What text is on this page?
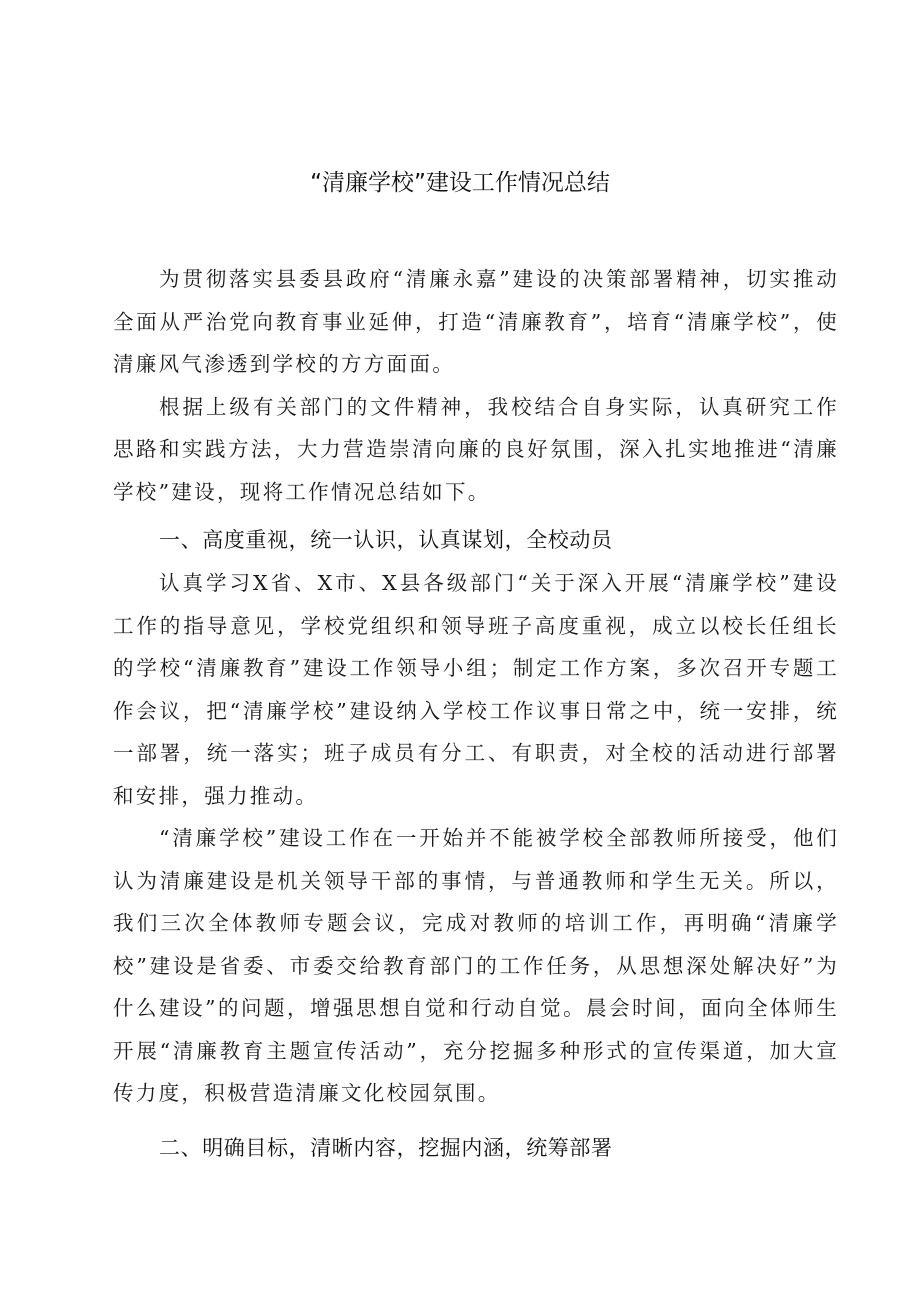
“清廉学校”建设工作情况总结

为贯彻落实县委县政府“清廉永嘉”建设的决策部署精神，切实推动全面从严治党向教育事业延伸，打造“清廉教育”，培育“清廉学校”，使清廉风气渗透到学校的方方面面。

根据上级有关部门的文件精神，我校结合自身实际，认真研究工作思路和实践方法，大力营造崇清向廉的良好氛围，深入扎实地推进“清廉学校”建设，现将工作情况总结如下。

一、高度重视，统一认识，认真谋划，全校动员

认真学习X省、X市、X县各级部门“关于深入开展“清廉学校”建设工作的指导意见，学校党组织和领导班子高度重视，成立以校长任组长的学校“清廉教育”建设工作领导小组；制定工作方案，多次召开专题工作会议，把“清廉学校”建设纳入学校工作议事日常之中，统一安排，统一部署，统一落实；班子成员有分工、有职责，对全校的活动进行部署和安排，强力推动。

“清廉学校”建设工作在一开始并不能被学校全部教师所接受，他们认为清廉建设是机关领导干部的事情，与普通教师和学生无关。所以，我们三次全体教师专题会议，完成对教师的培训工作，再明确“清廉学校”建设是省委、市委交给教育部门的工作任务，从思想深处解决好”为什么建设”的问题，增强思想自觉和行动自觉。晨会时间，面向全体师生开展“清廉教育主题宣传活动”，充分挖掘多种形式的宣传渠道，加大宣传力度，积极营造清廉文化校园氛围。

二、明确目标，清晰内容，挖掘内涵，统筹部署
